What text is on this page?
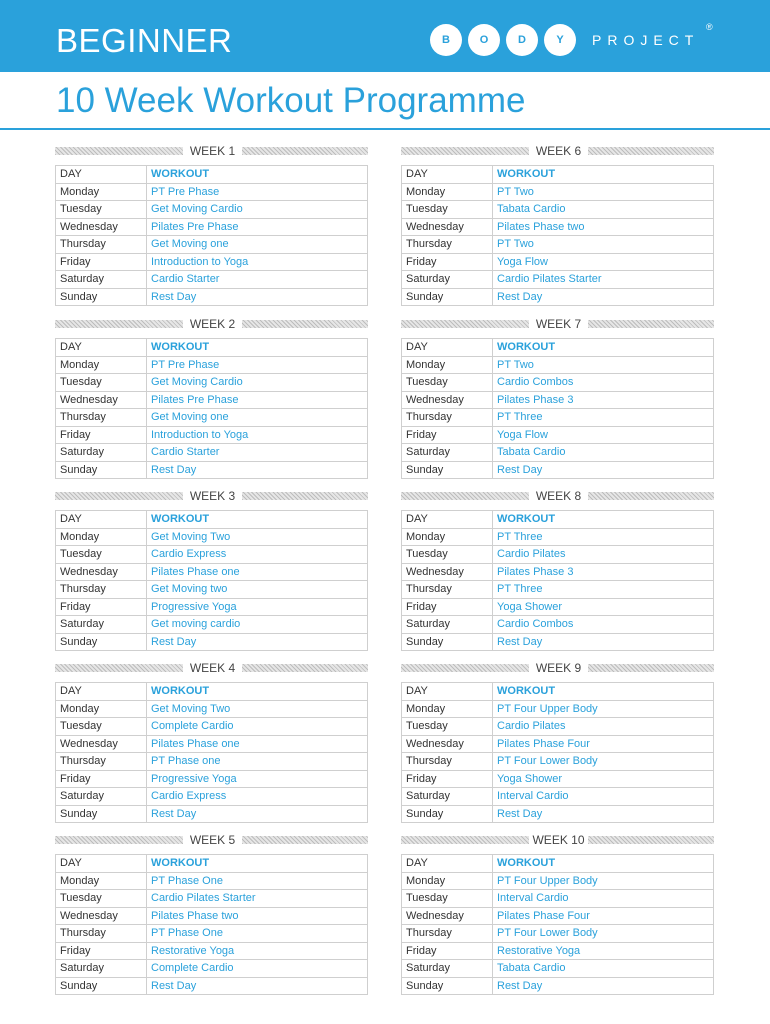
BEGINNER	B	O	D	Y	PROJECT
®
10 Week Workout Programme
WEEK 1
DAY	WORKOUT
Monday	PT Pre Phase
Tuesday	Get Moving Cardio
Wednesday	Pilates Pre Phase
Thursday	Get Moving one
Friday	Introduction to Yoga
Saturday	Cardio Starter
Sunday	Rest Day
WEEK 2
DAY	WORKOUT
Monday	PT Pre Phase
Tuesday	Get Moving Cardio
Wednesday	Pilates Pre Phase
Thursday	Get Moving one
Friday	Introduction to Yoga
Saturday	Cardio Starter
Sunday	Rest Day
WEEK 3
DAY	WORKOUT
Monday	Get Moving Two
Tuesday	Cardio Express
Wednesday	Pilates Phase one
Thursday	Get Moving two
Friday	Progressive Yoga
Saturday	Get moving cardio
Sunday	Rest Day
WEEK 4
DAY	WORKOUT
Monday	Get Moving Two
Tuesday	Complete Cardio
Wednesday	Pilates Phase one
Thursday	PT Phase one
Friday	Progressive Yoga
Saturday	Cardio Express
Sunday	Rest Day
WEEK 5
DAY	WORKOUT
Monday	PT Phase One
Tuesday	Cardio Pilates Starter
Wednesday	Pilates Phase two
Thursday	PT Phase One
Friday	Restorative Yoga
Saturday	Complete Cardio
Sunday	Rest Day
WEEK 6
DAY	WORKOUT
Monday	PT Two
Tuesday	Tabata Cardio
Wednesday	Pilates Phase two
Thursday	PT Two
Friday	Yoga Flow
Saturday	Cardio Pilates Starter
Sunday	Rest Day
WEEK 7
DAY	WORKOUT
Monday	PT Two
Tuesday	Cardio Combos
Wednesday	Pilates Phase 3
Thursday	PT Three
Friday	Yoga Flow
Saturday	Tabata Cardio
Sunday	Rest Day
WEEK 8
DAY	WORKOUT
Monday	PT Three
Tuesday	Cardio Pilates
Wednesday	Pilates Phase 3
Thursday	PT Three
Friday	Yoga Shower
Saturday	Cardio Combos
Sunday	Rest Day
WEEK 9
DAY	WORKOUT
Monday	PT Four Upper Body
Tuesday	Cardio Pilates
Wednesday	Pilates Phase Four
Thursday	PT Four Lower Body
Friday	Yoga Shower
Saturday	Interval Cardio
Sunday	Rest Day
WEEK 10
DAY	WORKOUT
Monday	PT Four Upper Body
Tuesday	Interval Cardio
Wednesday	Pilates Phase Four
Thursday	PT Four Lower Body
Friday	Restorative Yoga
Saturday	Tabata Cardio
Sunday	Rest Day
